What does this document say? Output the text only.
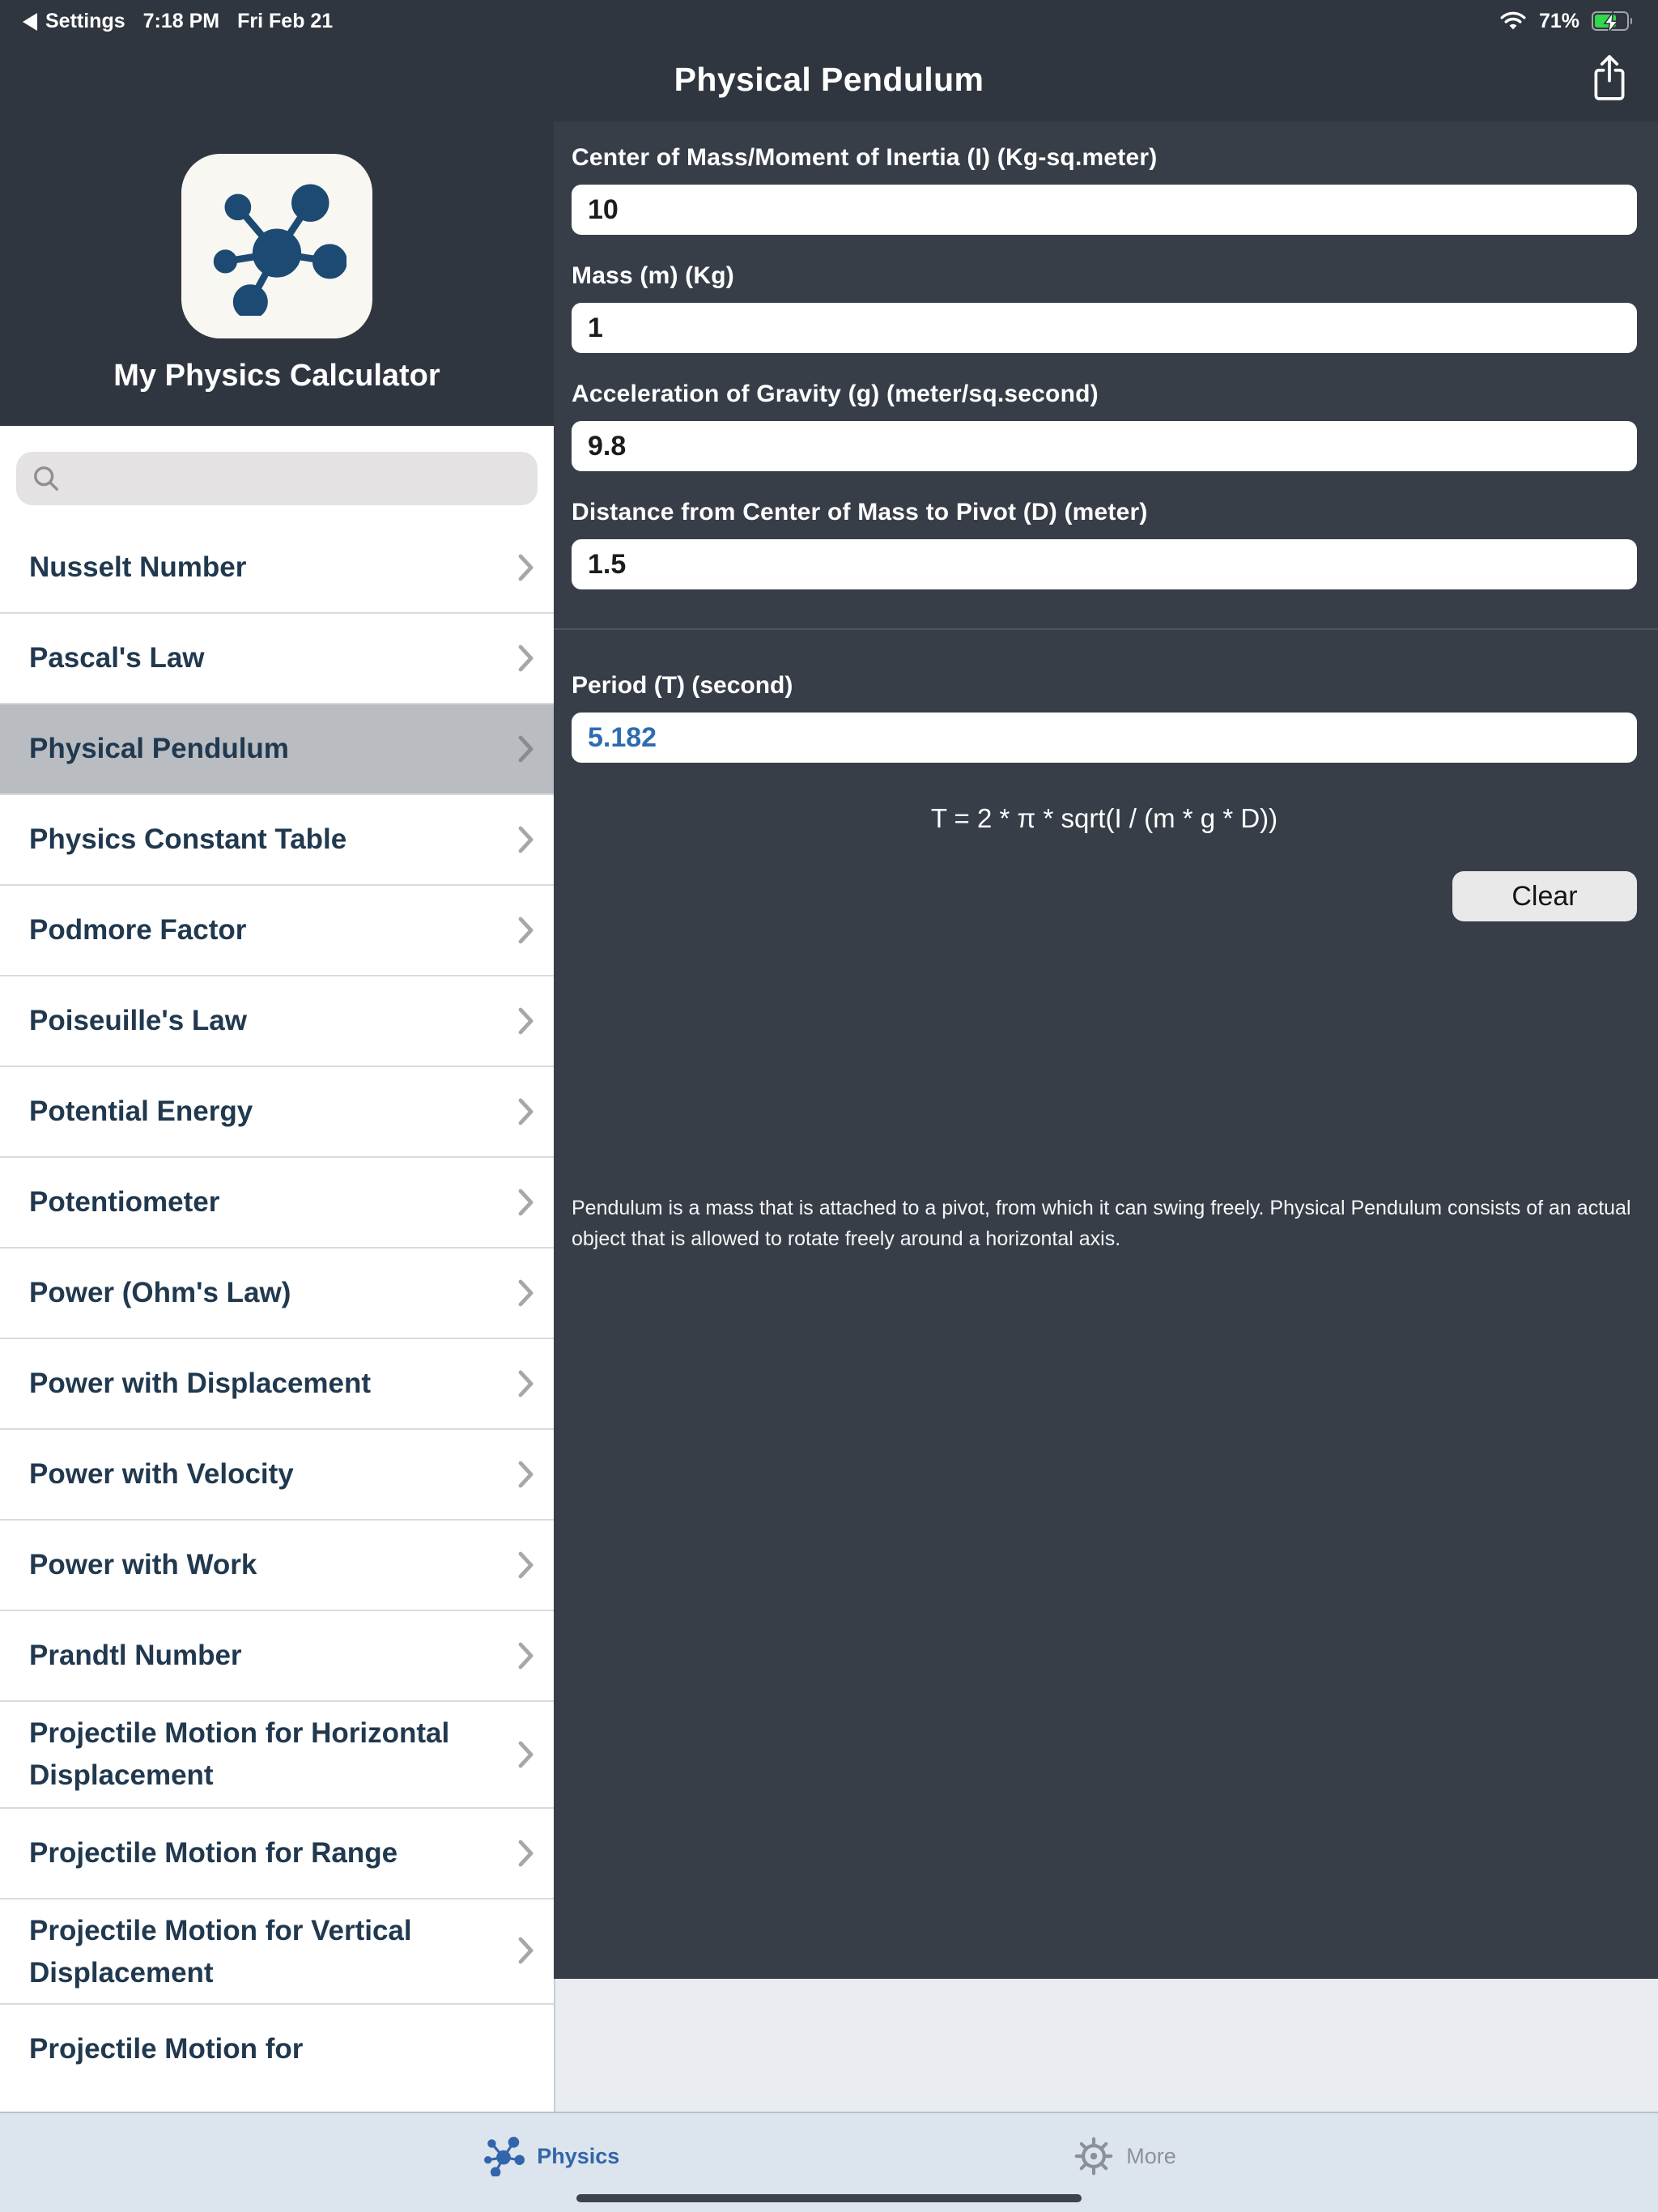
Settings 7:18 PM Fri Feb 21	71%
Physical Pendulum
My Physics Calculator
Nusselt Number
Pascal's Law
Physical Pendulum
Physics Constant Table
Podmore Factor
Poiseuille's Law
Potential Energy
Potentiometer
Power (Ohm's Law)
Power with Displacement
Power with Velocity
Power with Work
Prandtl Number
Projectile Motion for Horizontal Displacement
Projectile Motion for Range
Projectile Motion for Vertical Displacement
Projectile Motion for
Center of Mass/Moment of Inertia (I) (Kg-sq.meter)
10
Mass (m) (Kg)
1
Acceleration of Gravity (g) (meter/sq.second)
9.8
Distance from Center of Mass to Pivot (D) (meter)
1.5
Period (T) (second)
5.182
T = 2 * π * sqrt(I / (m * g * D))
Clear

Pendulum is a mass that is attached to a pivot, from which it can swing freely. Physical Pendulum consists of an actual object that is allowed to rotate freely around a horizontal axis.

Physics	More
